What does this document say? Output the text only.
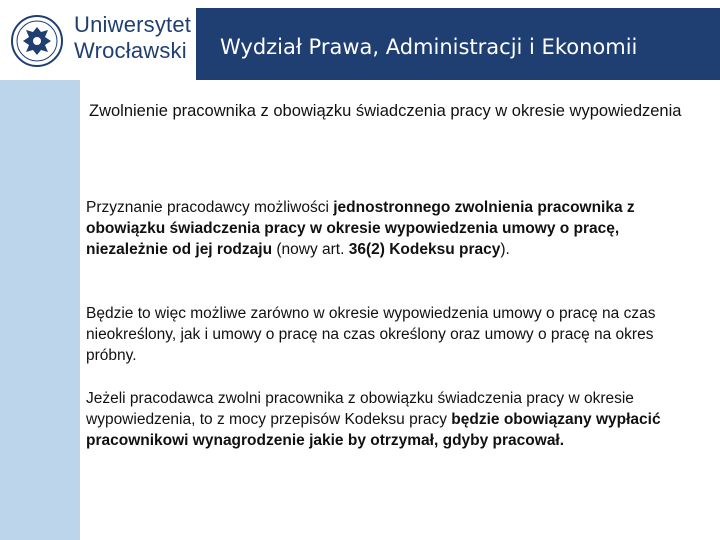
Uniwersytet
Wrocławski Wydział Prawa, Administracji i Ekonomii
Zwolnienie pracownika z obowiązku świadczenia pracy w okresie wypowiedzenia
Przyznanie pracodawcy możliwości jednostronnego zwolnienia pracownika z obowiązku świadczenia pracy w okresie wypowiedzenia umowy o pracę, niezależnie od jej rodzaju (nowy art. 36(2) Kodeksu pracy).
Będzie to więc możliwe zarówno w okresie wypowiedzenia umowy o pracę na czas nieokreślony, jak i umowy o pracę na czas określony oraz umowy o pracę na okres próbny.
Jeżeli pracodawca zwolni pracownika z obowiązku świadczenia pracy w okresie wypowiedzenia, to z mocy przepisów Kodeksu pracy będzie obowiązany wypłacić pracownikowi wynagrodzenie jakie by otrzymał, gdyby pracował.
